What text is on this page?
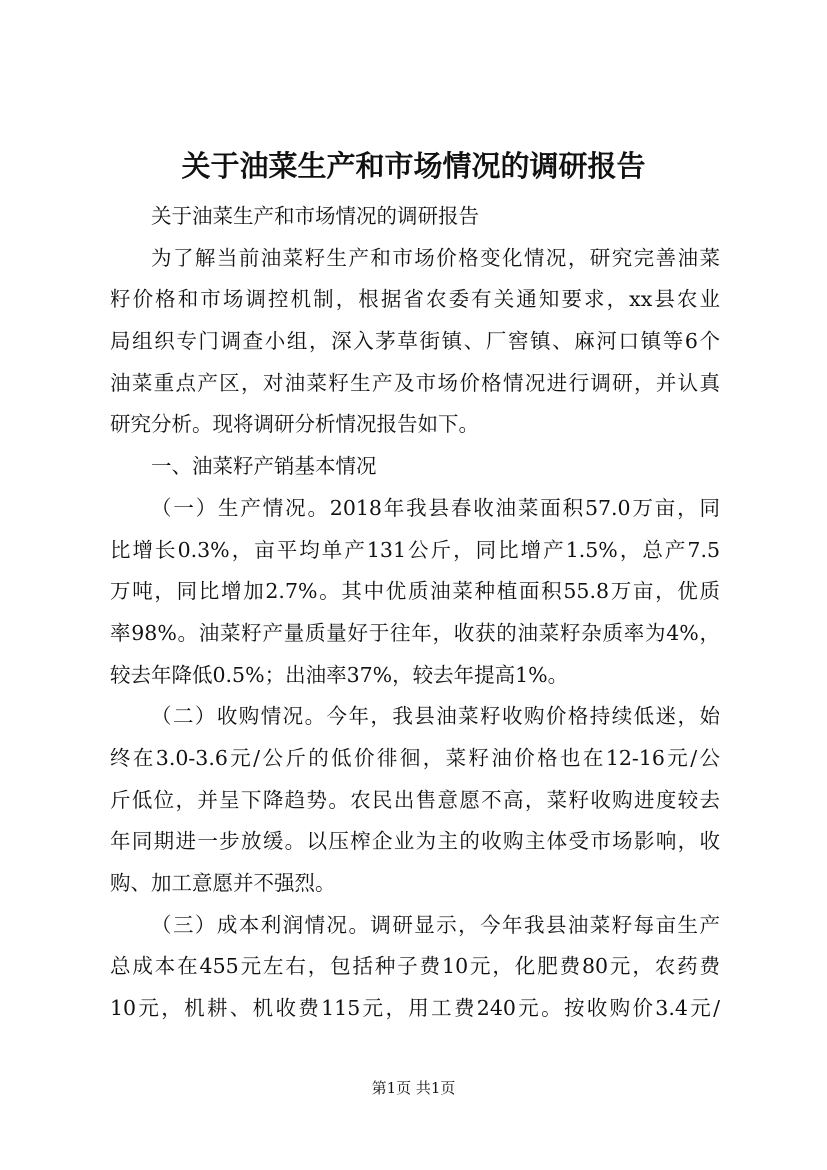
关于油菜生产和市场情况的调研报告
关于油菜生产和市场情况的调研报告
为了解当前油菜籽生产和市场价格变化情况，研究完善油菜
籽价格和市场调控机制，根据省农委有关通知要求，xx县农业
局组织专门调查小组，深入茅草街镇、厂窖镇、麻河口镇等6个
油菜重点产区，对油菜籽生产及市场价格情况进行调研，并认真
研究分析。现将调研分析情况报告如下。
一、油菜籽产销基本情况
（一）生产情况。2018年我县春收油菜面积57.0万亩，同
比增长0.3%，亩平均单产131公斤，同比增产1.5%，总产7.5
万吨，同比增加2.7%。其中优质油菜种植面积55.8万亩，优质
率98%。油菜籽产量质量好于往年，收获的油菜籽杂质率为4%，
较去年降低0.5%；出油率37%，较去年提高1%。
（二）收购情况。今年，我县油菜籽收购价格持续低迷，始
终在3.0-3.6元/公斤的低价徘徊，菜籽油价格也在12-16元/公
斤低位，并呈下降趋势。农民出售意愿不高，菜籽收购进度较去
年同期进一步放缓。以压榨企业为主的收购主体受市场影响，收
购、加工意愿并不强烈。
（三）成本利润情况。调研显示，今年我县油菜籽每亩生产
总成本在455元左右，包括种子费10元，化肥费80元，农药费
10元，机耕、机收费115元，用工费240元。按收购价3.4元/
第1页 共1页
